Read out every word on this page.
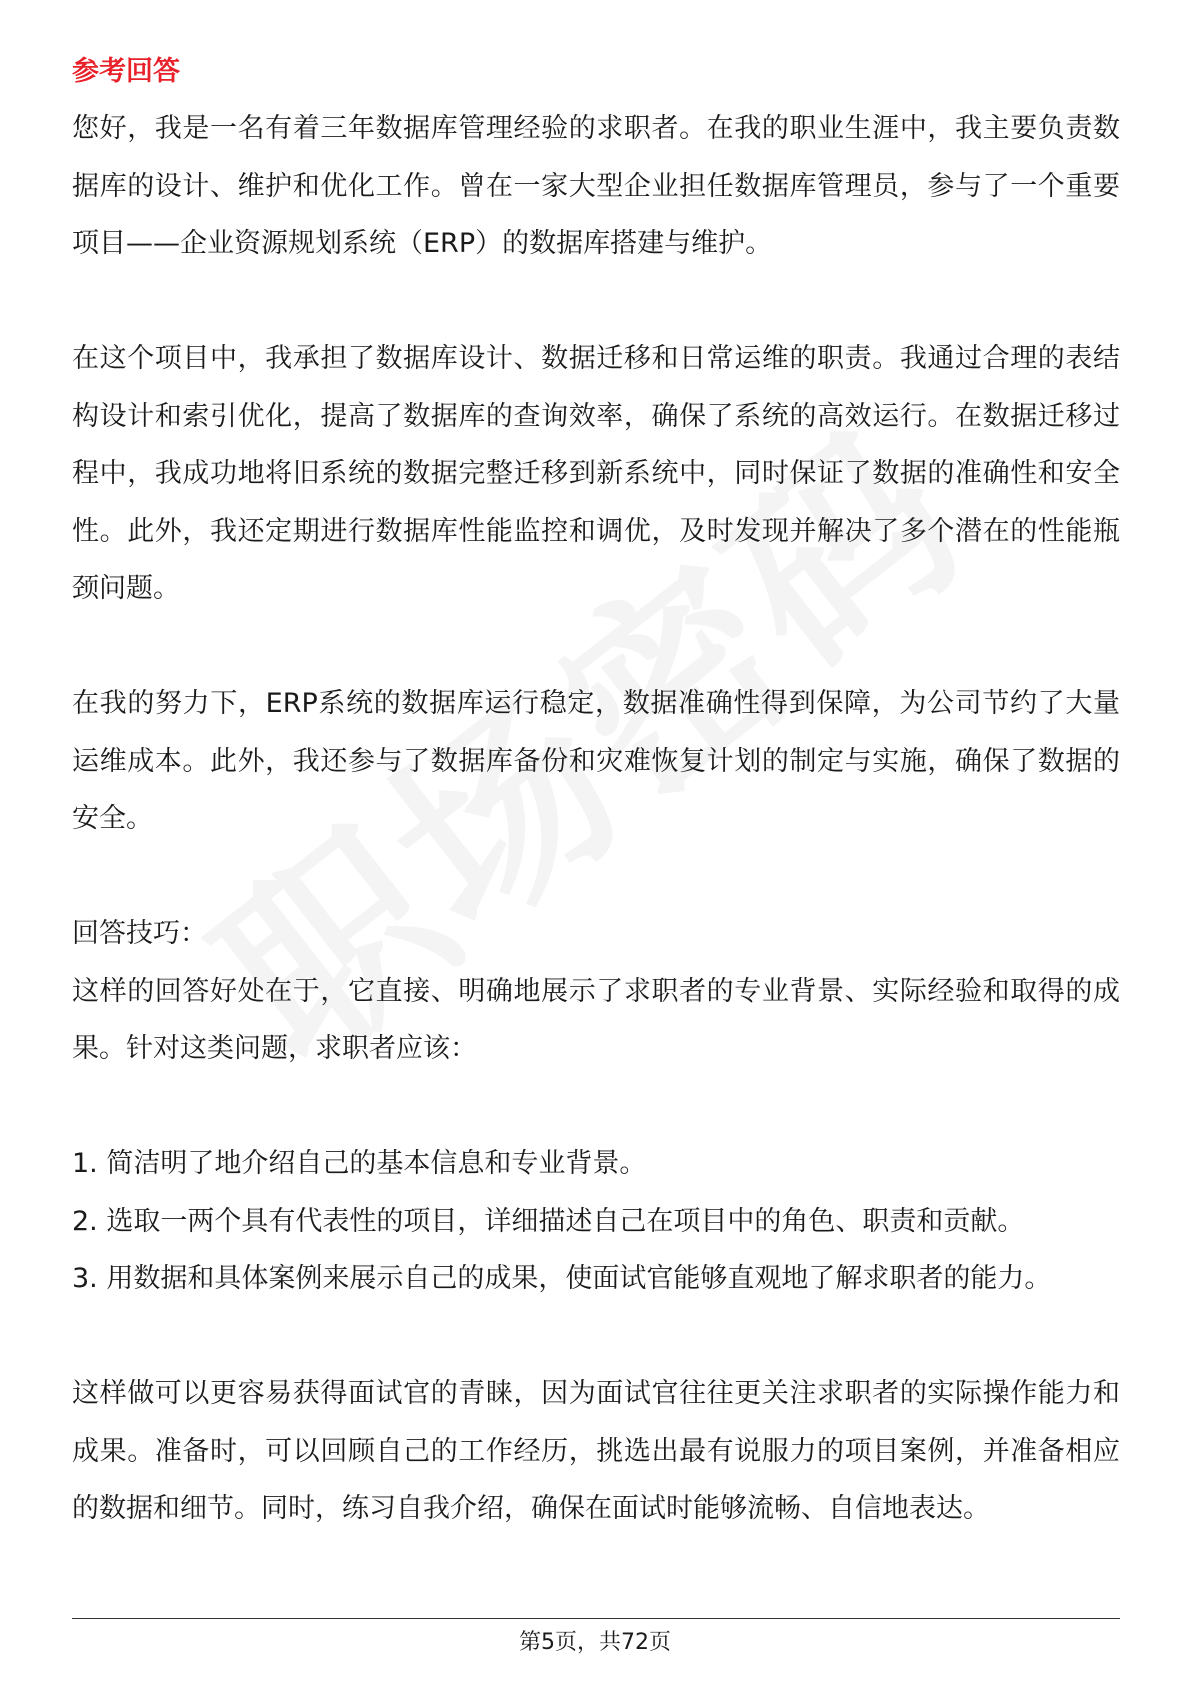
参考回答

您好，我是一名有着三年数据库管理经验的求职者。在我的职业生涯中，我主要负责数据库的设计、维护和优化工作。曾在一家大型企业担任数据库管理员，参与了一个重要项目——企业资源规划系统（ERP）的数据库搭建与维护。

在这个项目中，我承担了数据库设计、数据迁移和日常运维的职责。我通过合理的表结构设计和索引优化，提高了数据库的查询效率，确保了系统的高效运行。在数据迁移过程中，我成功地将旧系统的数据完整迁移到新系统中，同时保证了数据的准确性和安全性。此外，我还定期进行数据库性能监控和调优，及时发现并解决了多个潜在的性能瓶颈问题。

在我的努力下，ERP系统的数据库运行稳定，数据准确性得到保障，为公司节约了大量运维成本。此外，我还参与了数据库备份和灾难恢复计划的制定与实施，确保了数据的安全。

回答技巧：

这样的回答好处在于，它直接、明确地展示了求职者的专业背景、实际经验和取得的成果。针对这类问题，求职者应该：

1. 简洁明了地介绍自己的基本信息和专业背景。

2. 选取一两个具有代表性的项目，详细描述自己在项目中的角色、职责和贡献。

3. 用数据和具体案例来展示自己的成果，使面试官能够直观地了解求职者的能力。

这样做可以更容易获得面试官的青睐，因为面试官往往更关注求职者的实际操作能力和成果。准备时，可以回顾自己的工作经历，挑选出最有说服力的项目案例，并准备相应的数据和细节。同时，练习自我介绍，确保在面试时能够流畅、自信地表达。

第5页，共72页
